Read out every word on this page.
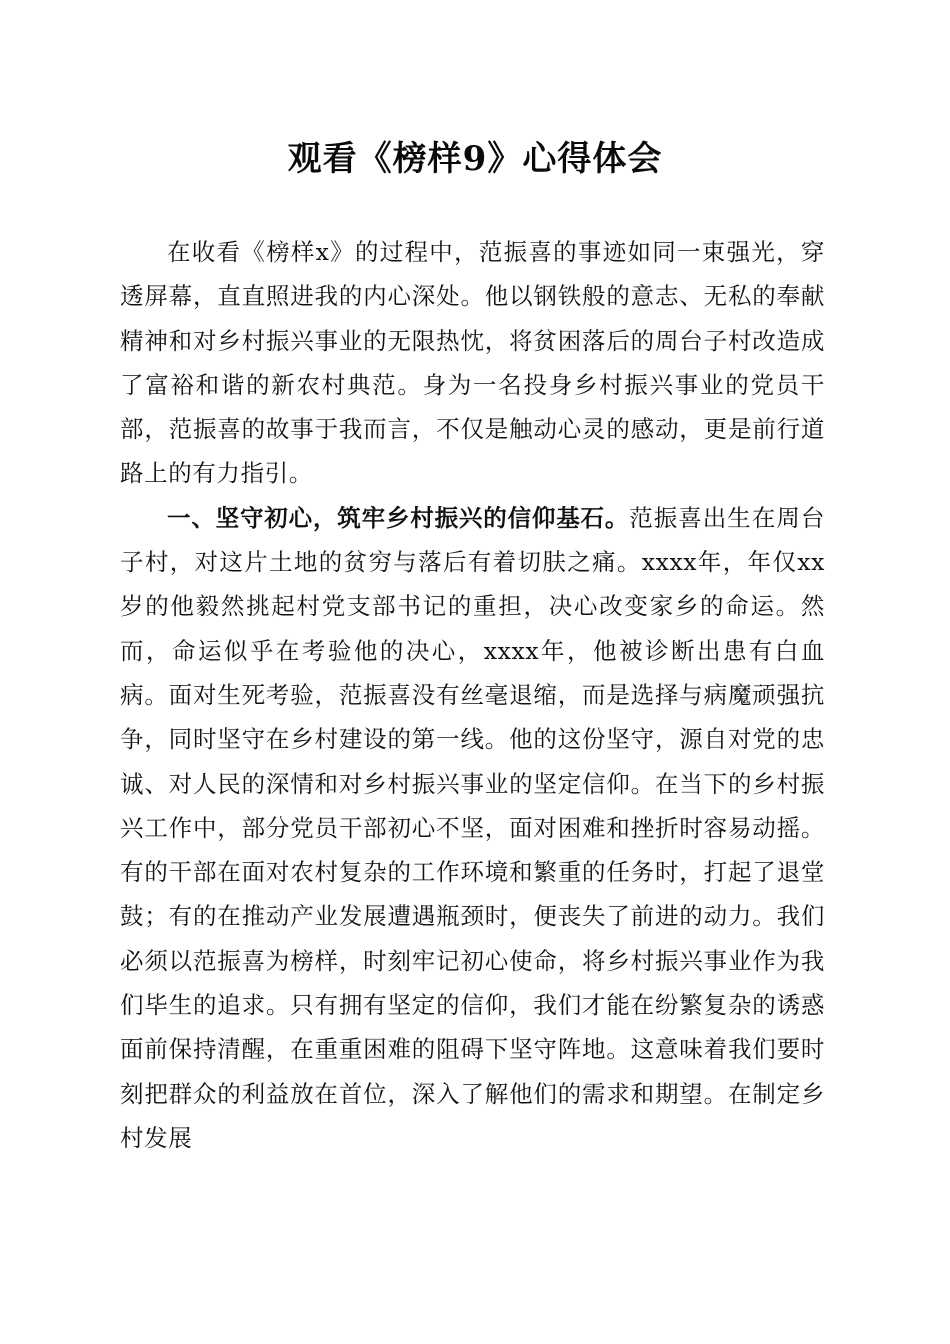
观看《榜样9》心得体会

在收看《榜样x》的过程中，范振喜的事迹如同一束强光，穿透屏幕，直直照进我的内心深处。他以钢铁般的意志、无私的奉献精神和对乡村振兴事业的无限热忱，将贫困落后的周台子村改造成了富裕和谐的新农村典范。身为一名投身乡村振兴事业的党员干部，范振喜的故事于我而言，不仅是触动心灵的感动，更是前行道路上的有力指引。

一、坚守初心，筑牢乡村振兴的信仰基石。范振喜出生在周台子村，对这片土地的贫穷与落后有着切肤之痛。xxxx年，年仅xx岁的他毅然挑起村党支部书记的重担，决心改变家乡的命运。然而，命运似乎在考验他的决心，xxxx年，他被诊断出患有白血病。面对生死考验，范振喜没有丝毫退缩，而是选择与病魔顽强抗争，同时坚守在乡村建设的第一线。他的这份坚守，源自对党的忠诚、对人民的深情和对乡村振兴事业的坚定信仰。在当下的乡村振兴工作中，部分党员干部初心不坚，面对困难和挫折时容易动摇。有的干部在面对农村复杂的工作环境和繁重的任务时，打起了退堂鼓；有的在推动产业发展遭遇瓶颈时，便丧失了前进的动力。我们必须以范振喜为榜样，时刻牢记初心使命，将乡村振兴事业作为我们毕生的追求。只有拥有坚定的信仰，我们才能在纷繁复杂的诱惑面前保持清醒，在重重困难的阻碍下坚守阵地。这意味着我们要时刻把群众的利益放在首位，深入了解他们的需求和期望。在制定乡村发展
